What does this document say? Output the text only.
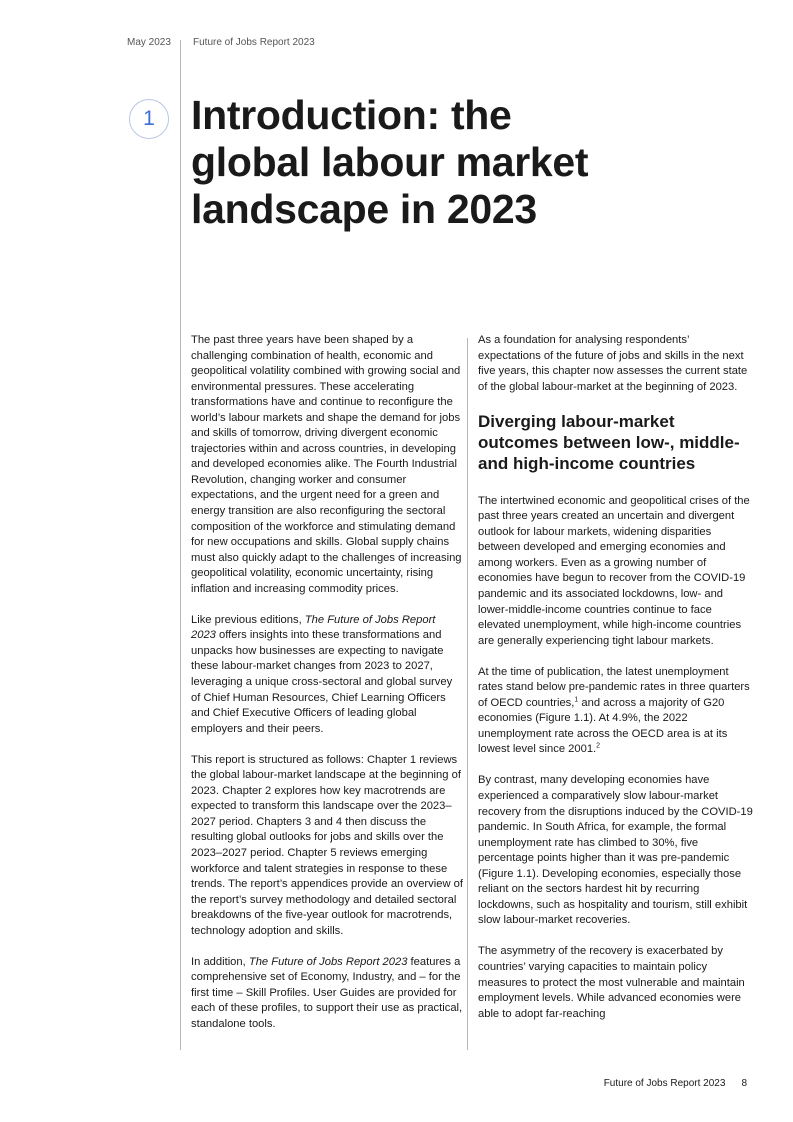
May 2023 Future of Jobs Report 2023
1 Introduction: the
global labour market
landscape in 2023

The past three years have been shaped by a challenging combination of health, economic and geopolitical volatility combined with growing social and environmental pressures. These accelerating transformations have and continue to reconfigure the world’s labour markets and shape the demand for jobs and skills of tomorrow, driving divergent economic trajectories within and across countries, in developing and developed economies alike. The Fourth Industrial Revolution, changing worker and consumer expectations, and the urgent need for a green and energy transition are also reconfiguring the sectoral composition of the workforce and stimulating demand for new occupations and skills. Global supply chains must also quickly adapt to the challenges of increasing geopolitical volatility, economic uncertainty, rising inflation and increasing commodity prices.

Like previous editions, The Future of Jobs Report 2023 offers insights into these transformations and unpacks how businesses are expecting to navigate these labour-market changes from 2023 to 2027, leveraging a unique cross-sectoral and global survey of Chief Human Resources, Chief Learning Officers and Chief Executive Officers of leading global employers and their peers.

This report is structured as follows: Chapter 1 reviews the global labour-market landscape at the beginning of 2023. Chapter 2 explores how key macrotrends are expected to transform this landscape over the 2023–2027 period. Chapters 3 and 4 then discuss the resulting global outlooks for jobs and skills over the 2023–2027 period. Chapter 5 reviews emerging workforce and talent strategies in response to these trends. The report’s appendices provide an overview of the report’s survey methodology and detailed sectoral breakdowns of the five-year outlook for macrotrends, technology adoption and skills.

In addition, The Future of Jobs Report 2023 features a comprehensive set of Economy, Industry, and – for the first time – Skill Profiles. User Guides are provided for each of these profiles, to support their use as practical, standalone tools.

As a foundation for analysing respondents’ expectations of the future of jobs and skills in the next five years, this chapter now assesses the current state of the global labour-market at the beginning of 2023.

Diverging labour-market outcomes between low-, middle- and high-income countries

The intertwined economic and geopolitical crises of the past three years created an uncertain and divergent outlook for labour markets, widening disparities between developed and emerging economies and among workers. Even as a growing number of economies have begun to recover from the COVID-19 pandemic and its associated lockdowns, low- and lower-middle-income countries continue to face elevated unemployment, while high-income countries are generally experiencing tight labour markets.

At the time of publication, the latest unemployment rates stand below pre-pandemic rates in three quarters of OECD countries,$^1$ and across a majority of G20 economies (Figure 1.1). At 4.9%, the 2022 unemployment rate across the OECD area is at its lowest level since 2001.$^2$

By contrast, many developing economies have experienced a comparatively slow labour-market recovery from the disruptions induced by the COVID-19 pandemic. In South Africa, for example, the formal unemployment rate has climbed to 30%, five percentage points higher than it was pre-pandemic (Figure 1.1). Developing economies, especially those reliant on the sectors hardest hit by recurring lockdowns, such as hospitality and tourism, still exhibit slow labour-market recoveries.

The asymmetry of the recovery is exacerbated by countries’ varying capacities to maintain policy measures to protect the most vulnerable and maintain employment levels. While advanced economies were able to adopt far-reaching

Future of Jobs Report 2023 8
